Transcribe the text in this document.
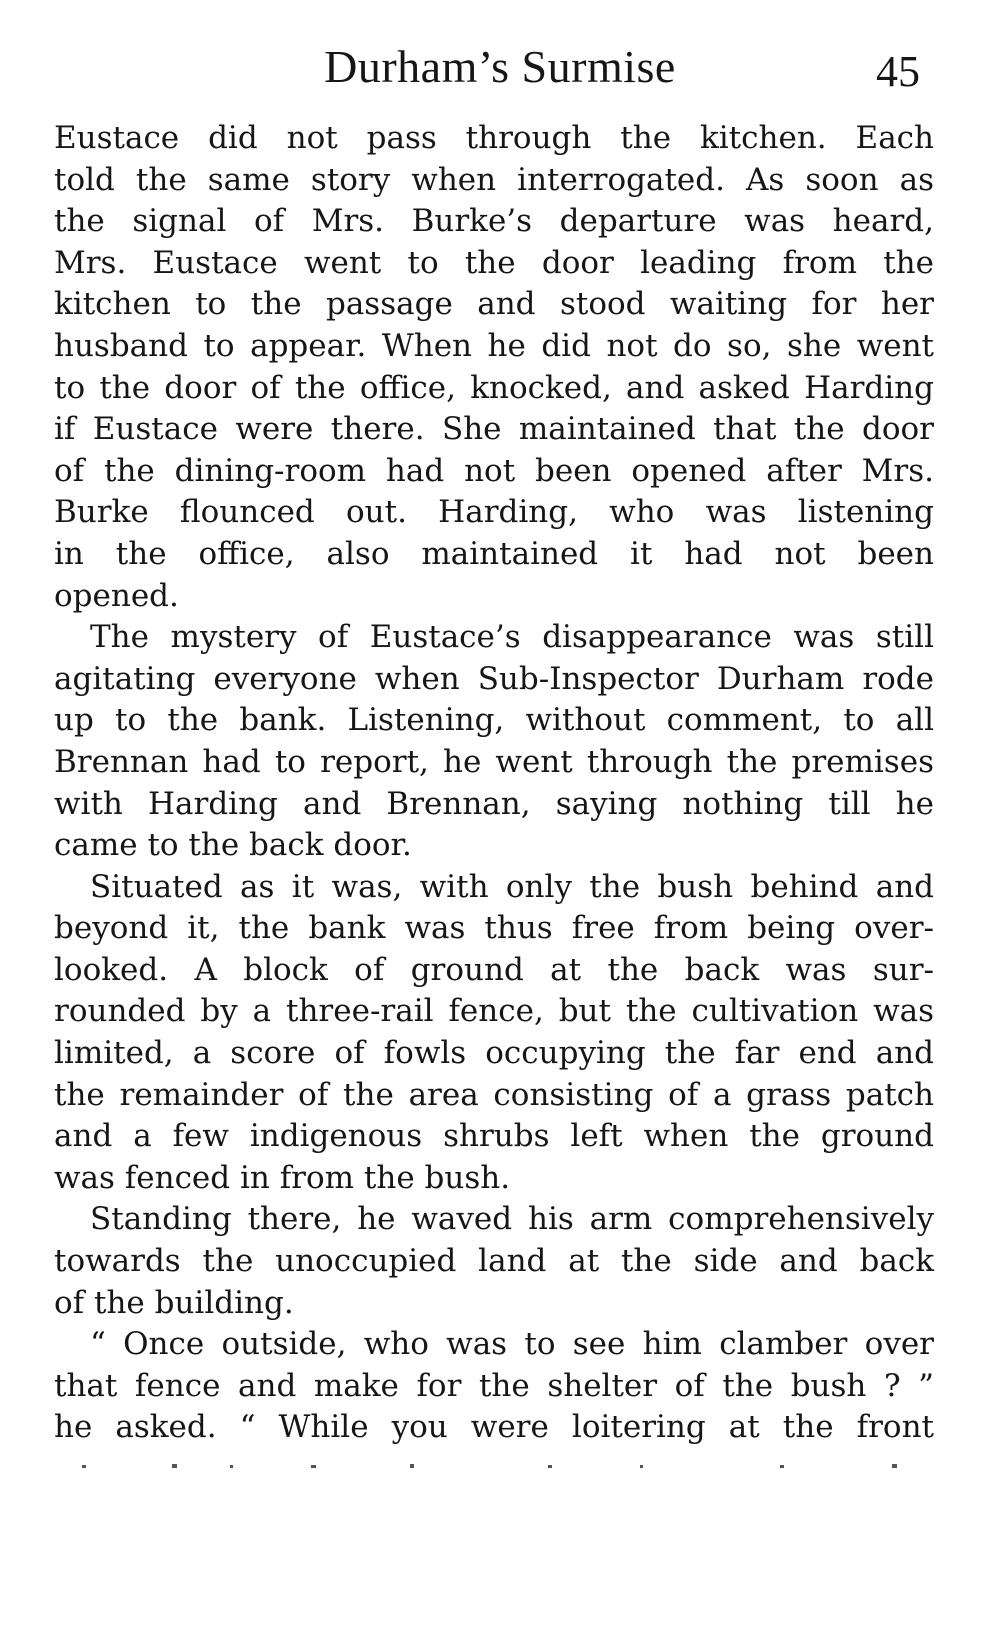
Durham’s Surmise	45
Eustace did not pass through the kitchen. Each
told the same story when interrogated. As soon as
the signal of Mrs. Burke’s departure was heard,
Mrs. Eustace went to the door leading from the
kitchen to the passage and stood waiting for her
husband to appear. When he did not do so, she went
to the door of the office, knocked, and asked Harding
if Eustace were there. She maintained that the door
of the dining-room had not been opened after Mrs.
Burke flounced out. Harding, who was listening
in the office, also maintained it had not been
opened.
The mystery of Eustace’s disappearance was still
agitating everyone when Sub-Inspector Durham rode
up to the bank. Listening, without comment, to all
Brennan had to report, he went through the premises
with Harding and Brennan, saying nothing till he
came to the back door.
Situated as it was, with only the bush behind and
beyond it, the bank was thus free from being over-
looked. A block of ground at the back was sur-
rounded by a three-rail fence, but the cultivation was
limited, a score of fowls occupying the far end and
the remainder of the area consisting of a grass patch
and a few indigenous shrubs left when the ground
was fenced in from the bush.
Standing there, he waved his arm comprehensively
towards the unoccupied land at the side and back
of the building.
“ Once outside, who was to see him clamber over
that fence and make for the shelter of the bush ? ”
he asked. “ While you were loitering at the front
